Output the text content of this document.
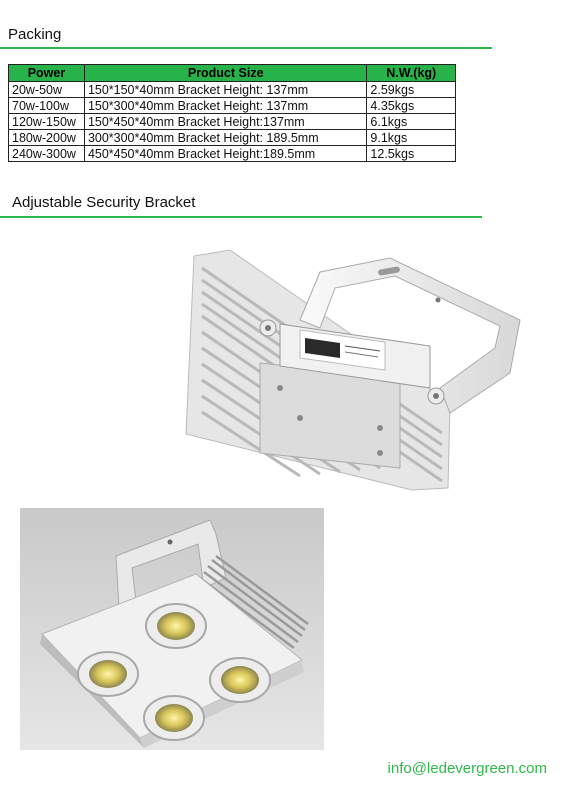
Packing
Power	Product Size	N.W.(kg)
20w-50w	150*150*40mm Bracket Height: 137mm	2.59kgs
70w-100w	150*300*40mm Bracket Height: 137mm	4.35kgs
120w-150w	150*450*40mm Bracket Height:137mm	6.1kgs
180w-200w	300*300*40mm Bracket Height: 189.5mm	9.1kgs
240w-300w	450*450*40mm Bracket Height:189.5mm	12.5kgs
Adjustable Security Bracket
info@ledevergreen.com
